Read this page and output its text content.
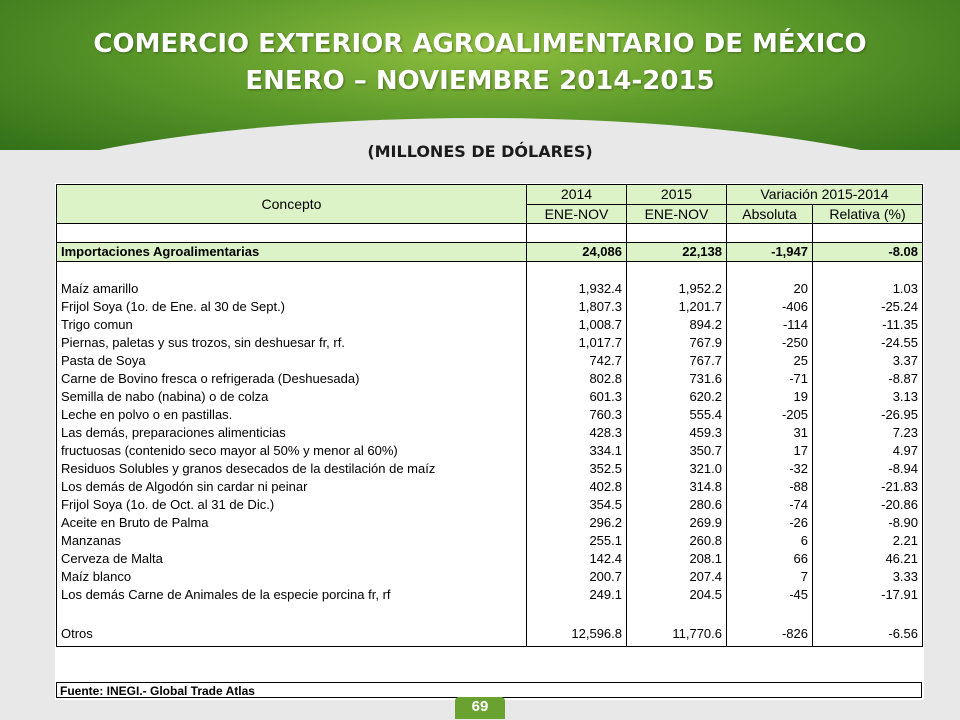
COMERCIO EXTERIOR AGROALIMENTARIO DE MÉXICO
ENERO – NOVIEMBRE 2014-2015
(MILLONES DE DÓLARES)
Concepto	2014	2015	Variación 2015-2014	
	ENE-NOV	ENE-NOV	Absoluta	Relativa (%)

Importaciones Agroalimentarias	24,086	22,138	-1,947	-8.08

Maíz amarillo	1,932.4	1,952.2	20	1.03
Frijol Soya (1o. de Ene. al 30 de Sept.)	1,807.3	1,201.7	-406	-25.24
Trigo comun	1,008.7	894.2	-114	-11.35
Piernas, paletas y sus trozos, sin deshuesar fr, rf.	1,017.7	767.9	-250	-24.55
Pasta de Soya	742.7	767.7	25	3.37
Carne de Bovino fresca o refrigerada (Deshuesada)	802.8	731.6	-71	-8.87
Semilla de nabo (nabina) o de colza	601.3	620.2	19	3.13
Leche en polvo o en pastillas.	760.3	555.4	-205	-26.95
Las demás, preparaciones alimenticias	428.3	459.3	31	7.23
fructuosas (contenido seco mayor al 50% y menor al 60%)	334.1	350.7	17	4.97
Residuos Solubles y granos desecados de la destilación de maíz	352.5	321.0	-32	-8.94
Los demás de Algodón sin cardar ni peinar	402.8	314.8	-88	-21.83
Frijol Soya (1o. de Oct. al 31 de Dic.)	354.5	280.6	-74	-20.86
Aceite en Bruto de Palma	296.2	269.9	-26	-8.90
Manzanas	255.1	260.8	6	2.21
Cerveza de Malta	142.4	208.1	66	46.21
Maíz blanco	200.7	207.4	7	3.33
Los demás Carne de Animales de la especie porcina fr, rf	249.1	204.5	-45	-17.91

Otros	12,596.8	11,770.6	-826	-6.56
Fuente: INEGI.- Global Trade Atlas
69
